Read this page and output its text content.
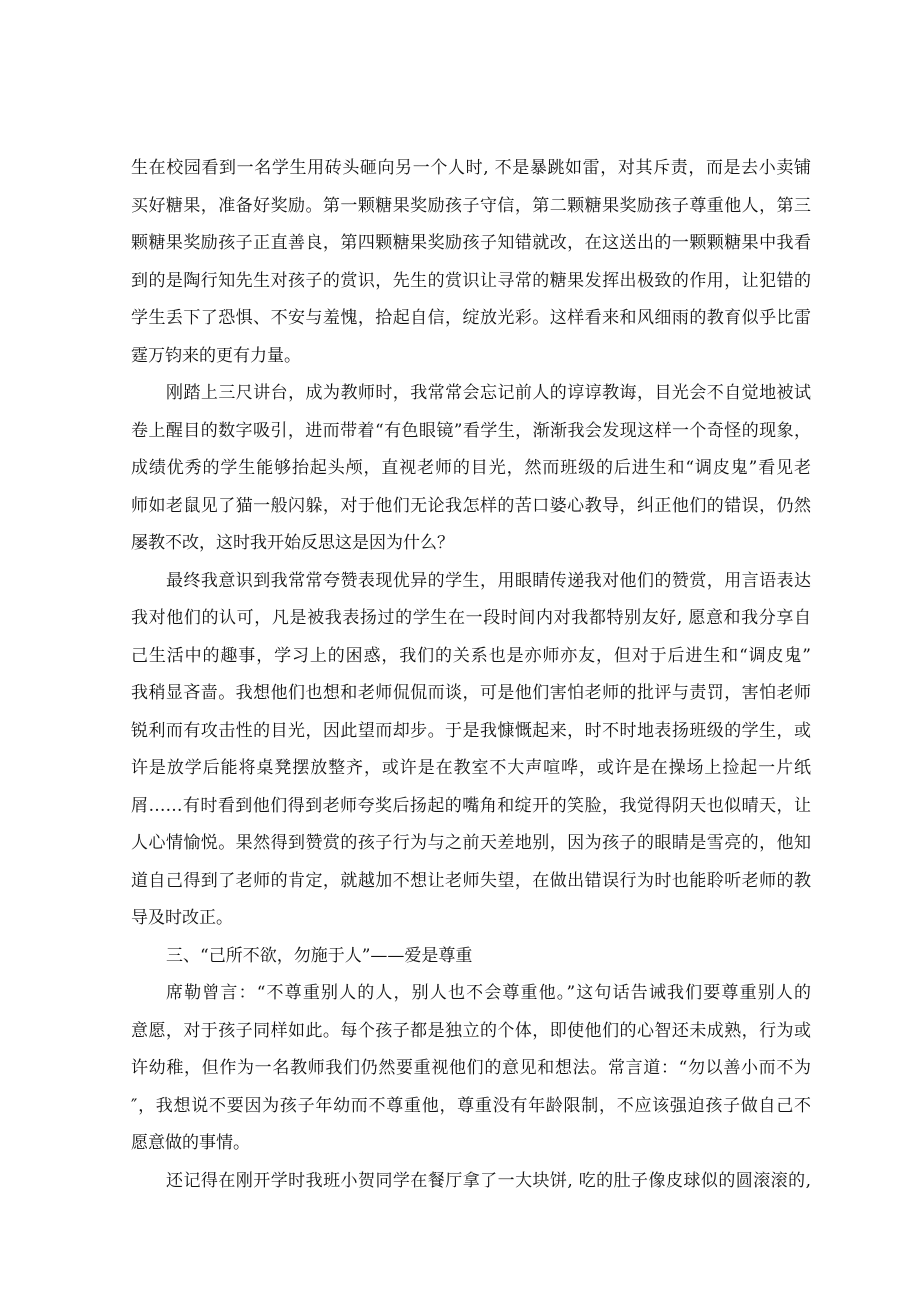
生在校园看到一名学生用砖头砸向另一个人时, 不是暴跳如雷，对其斥责，而是去小卖铺
买好糖果，准备好奖励。第一颗糖果奖励孩子守信，第二颗糖果奖励孩子尊重他人，第三
颗糖果奖励孩子正直善良，第四颗糖果奖励孩子知错就改，在这送出的一颗颗糖果中我看
到的是陶行知先生对孩子的赏识，先生的赏识让寻常的糖果发挥出极致的作用，让犯错的
学生丢下了恐惧、不安与羞愧，拾起自信，绽放光彩。这样看来和风细雨的教育似乎比雷
霆万钧来的更有力量。
刚踏上三尺讲台，成为教师时，我常常会忘记前人的谆谆教诲，目光会不自觉地被试
卷上醒目的数字吸引，进而带着“有色眼镜”看学生，渐渐我会发现这样一个奇怪的现象，
成绩优秀的学生能够抬起头颅，直视老师的目光，然而班级的后进生和“调皮鬼”看见老
师如老鼠见了猫一般闪躲，对于他们无论我怎样的苦口婆心教导，纠正他们的错误，仍然
屡教不改，这时我开始反思这是因为什么？
最终我意识到我常常夸赞表现优异的学生，用眼睛传递我对他们的赞赏，用言语表达
我对他们的认可，凡是被我表扬过的学生在一段时间内对我都特别友好, 愿意和我分享自
己生活中的趣事，学习上的困惑，我们的关系也是亦师亦友，但对于后进生和“调皮鬼”
我稍显吝啬。我想他们也想和老师侃侃而谈，可是他们害怕老师的批评与责罚，害怕老师
锐利而有攻击性的目光，因此望而却步。于是我慷慨起来，时不时地表扬班级的学生，或
许是放学后能将桌凳摆放整齐，或许是在教室不大声喧哗，或许是在操场上捡起一片纸
屑……有时看到他们得到老师夸奖后扬起的嘴角和绽开的笑脸，我觉得阴天也似晴天，让
人心情愉悦。果然得到赞赏的孩子行为与之前天差地别，因为孩子的眼睛是雪亮的，他知
道自己得到了老师的肯定，就越加不想让老师失望，在做出错误行为时也能聆听老师的教
导及时改正。
三、“己所不欲，勿施于人”——爱是尊重
席勒曾言：“不尊重别人的人，别人也不会尊重他。”这句话告诫我们要尊重别人的
意愿，对于孩子同样如此。每个孩子都是独立的个体，即使他们的心智还未成熟，行为或
许幼稚，但作为一名教师我们仍然要重视他们的意见和想法。常言道：“勿以善小而不为
″，我想说不要因为孩子年幼而不尊重他，尊重没有年龄限制，不应该强迫孩子做自己不
愿意做的事情。
还记得在刚开学时我班小贺同学在餐厅拿了一大块饼, 吃的肚子像皮球似的圆滚滚的,
